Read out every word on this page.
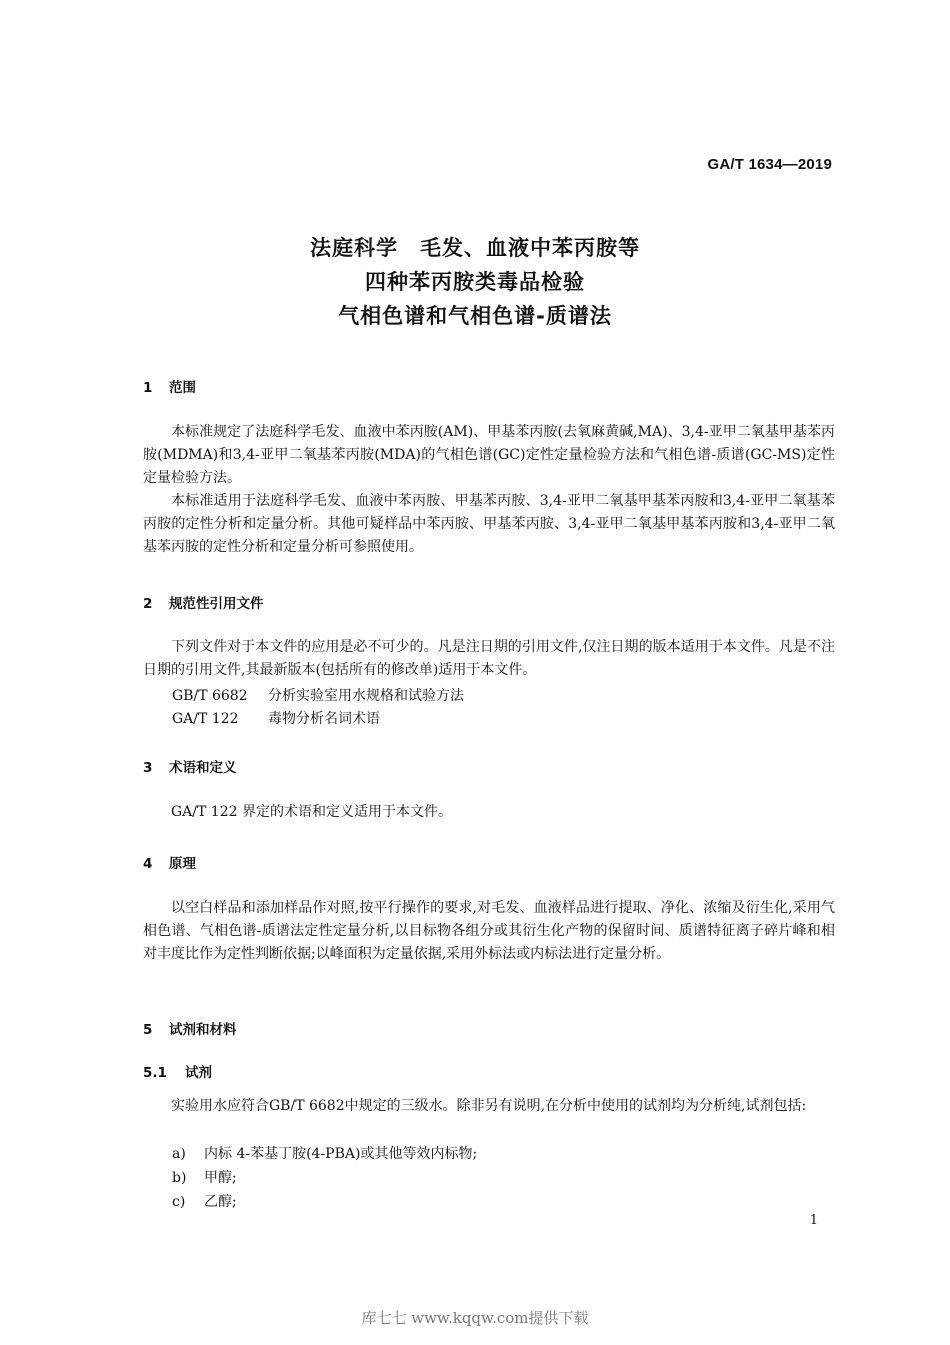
GA/T 1634—2019
法庭科学　毛发、血液中苯丙胺等
四种苯丙胺类毒品检验
气相色谱和气相色谱-质谱法
1 范围

本标准规定了法庭科学毛发、血液中苯丙胺(AM)、甲基苯丙胺(去氧麻黄碱,MA)、3,4-亚甲二氧基甲基苯丙胺(MDMA)和3,4-亚甲二氧基苯丙胺(MDA)的气相色谱(GC)定性定量检验方法和气相色谱-质谱(GC-MS)定性定量检验方法。

本标准适用于法庭科学毛发、血液中苯丙胺、甲基苯丙胺、3,4-亚甲二氧基甲基苯丙胺和3,4-亚甲二氧基苯丙胺的定性分析和定量分析。其他可疑样品中苯丙胺、甲基苯丙胺、3,4-亚甲二氧基甲基苯丙胺和3,4-亚甲二氧基苯丙胺的定性分析和定量分析可参照使用。

2 规范性引用文件

下列文件对于本文件的应用是必不可少的。凡是注日期的引用文件,仅注日期的版本适用于本文件。凡是不注日期的引用文件,其最新版本(包括所有的修改单)适用于本文件。

GB/T 6682 分析实验室用水规格和试验方法
GA/T 122 毒物分析名词术语
3 术语和定义

GA/T 122 界定的术语和定义适用于本文件。

4 原理

以空白样品和添加样品作对照,按平行操作的要求,对毛发、血液样品进行提取、净化、浓缩及衍生化,采用气相色谱、气相色谱-质谱法定性定量分析,以目标物各组分或其衍生化产物的保留时间、质谱特征离子碎片峰和相对丰度比作为定性判断依据;以峰面积为定量依据,采用外标法或内标法进行定量分析。

5 试剂和材料
5.1 试剂

实验用水应符合GB/T 6682中规定的三级水。除非另有说明,在分析中使用的试剂均为分析纯,试剂包括:

a) 内标 4-苯基丁胺(4-PBA)或其他等效内标物;
b) 甲醇;
c) 乙醇;
1
库七七 www.kqqw.com提供下载
